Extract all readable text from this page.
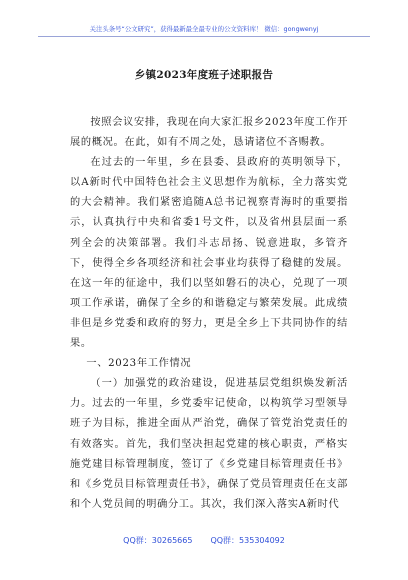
关注头条号“公文研究”，获得最新最全最专业的公文资料库！ 微信：gongwenyj
乡镇2023年度班子述职报告

按照会议安排，我现在向大家汇报乡2023年度工作开展的概况。在此，如有不周之处，恳请诸位不吝赐教。

在过去的一年里，乡在县委、县政府的英明领导下，以A新时代中国特色社会主义思想作为航标，全力落实党的大会精神。我们紧密追随A总书记视察青海时的重要指示，认真执行中央和省委1号文件，以及省州县层面一系列全会的决策部署。我们斗志昂扬、锐意进取，多管齐下，使得全乡各项经济和社会事业均获得了稳健的发展。在这一年的征途中，我们以坚如磐石的决心，兑现了一项项工作承诺，确保了全乡的和谐稳定与繁荣发展。此成绩非但是乡党委和政府的努力，更是全乡上下共同协作的结果。

一、2023年工作情况

（一）加强党的政治建设，促进基层党组织焕发新活力。过去的一年里，乡党委牢记使命，以构筑学习型领导班子为目标，推进全面从严治党，确保了管党治党责任的有效落实。首先，我们坚决担起党建的核心职责，严格实施党建目标管理制度，签订了《乡党建目标管理责任书》和《乡党员目标管理责任书》，确保了党员管理责任在支部和个人党员间的明确分工。其次，我们深入落实A新时代

QQ群：30265665 QQ群：535304092
